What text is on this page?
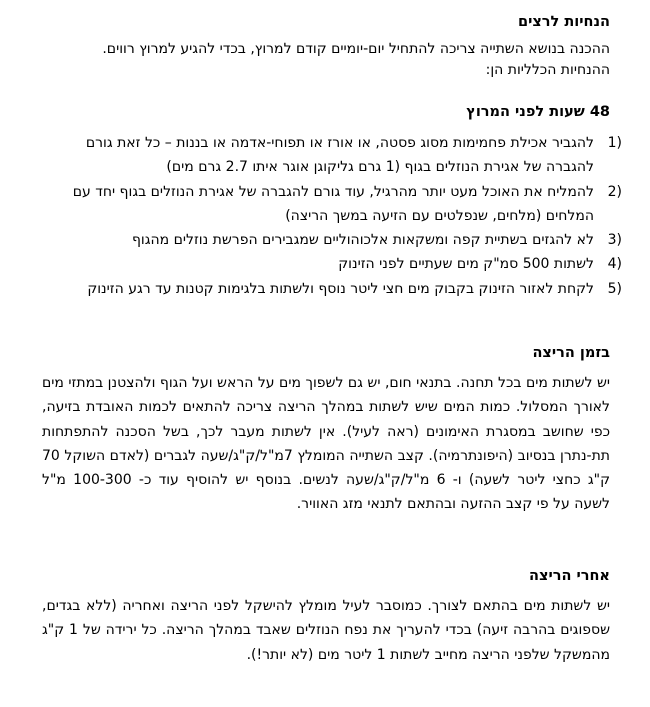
הנחיות לרצים
ההכנה בנושא השתייה צריכה להתחיל יום-יומיים קודם למרוץ, בכדי להגיע למרוץ רווים.
ההנחיות הכלליות הן:
48 שעות לפני המרוץ
1)
להגביר אכילת פחמימות מסוג פסטה, או אורז או תפוחי-אדמה או בננות – כל זאת גורם להגברה של אגירת הנוזלים בגוף (1 גרם גליקוגן אוגר איתו 2.7 גרם מים)
2)
להמליח את האוכל מעט יותר מהרגיל, עוד גורם להגברה של אגירת הנוזלים בגוף יחד עם המלחים (מלחים, שנפלטים עם הזיעה במשך הריצה)
3)
לא להגזים בשתיית קפה ומשקאות אלכוהוליים שמגבירים הפרשת נוזלים מהגוף
4)
לשתות 500 סמ"ק מים שעתיים לפני הזינוק
5)
לקחת לאזור הזינוק בקבוק מים חצי ליטר נוסף ולשתות בלגימות קטנות עד רגע הזינוק
בזמן הריצה
יש לשתות מים בכל תחנה. בתנאי חום, יש גם לשפוך מים על הראש ועל הגוף ולהצטנן במתזי מים לאורך המסלול. כמות המים שיש לשתות במהלך הריצה צריכה להתאים לכמות האובדת בזיעה, כפי שחושב במסגרת האימונים (ראה לעיל). אין לשתות מעבר לכך, בשל הסכנה להתפתחות תת-נתרן בנסיוב (היפונתרמיה). קצב השתייה המומלץ 7מ"ל/ק"ג/שעה לגברים (לאדם השוקל 70 ק"ג כחצי ליטר לשעה) ו- 6 מ"ל/ק"ג/שעה לנשים. בנוסף יש להוסיף עוד כ- 100-300 מ"ל לשעה על פי קצב ההזעה ובהתאם לתנאי מזג האוויר.
אחרי הריצה
יש לשתות מים בהתאם לצורך. כמוסבר לעיל מומלץ להישקל לפני הריצה ואחריה (ללא בגדים, שספוגים בהרבה זיעה) בכדי להעריך את נפח הנוזלים שאבד במהלך הריצה. כל ירידה של 1 ק"ג מהמשקל שלפני הריצה מחייב לשתות 1 ליטר מים (לא יותר!).
